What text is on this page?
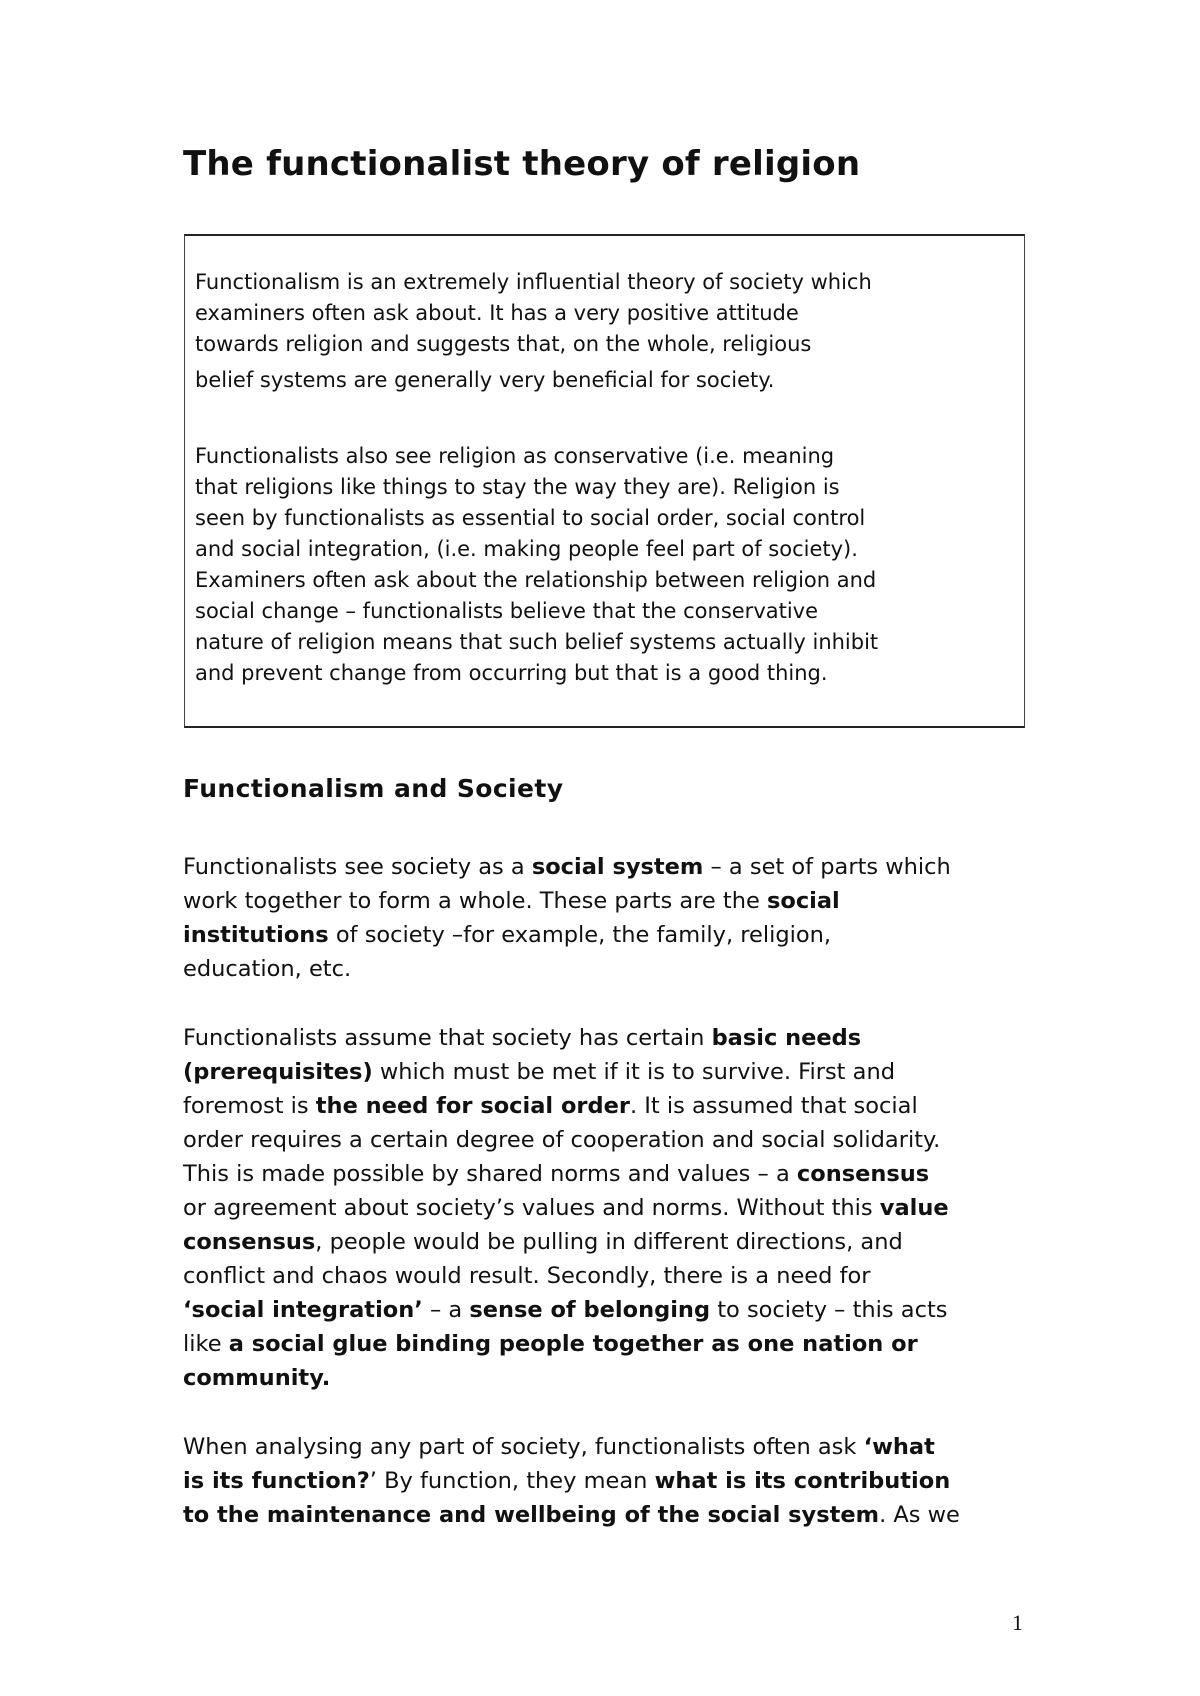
The functionalist theory of religion

Functionalism is an extremely influential theory of society which
examiners often ask about. It has a very positive attitude
towards religion and suggests that, on the whole, religious
belief systems are generally very beneficial for society.

Functionalists also see religion as conservative (i.e. meaning
that religions like things to stay the way they are). Religion is
seen by functionalists as essential to social order, social control
and social integration, (i.e. making people feel part of society).
Examiners often ask about the relationship between religion and
social change – functionalists believe that the conservative
nature of religion means that such belief systems actually inhibit
and prevent change from occurring but that is a good thing.

Functionalism and Society

Functionalists see society as a social system – a set of parts which
work together to form a whole. These parts are the social
institutions of society –for example, the family, religion,
education, etc.

Functionalists assume that society has certain basic needs
(prerequisites) which must be met if it is to survive. First and
foremost is the need for social order. It is assumed that social
order requires a certain degree of cooperation and social solidarity.
This is made possible by shared norms and values – a consensus
or agreement about society’s values and norms. Without this value
consensus, people would be pulling in different directions, and
conflict and chaos would result. Secondly, there is a need for
‘social integration’ – a sense of belonging to society – this acts
like a social glue binding people together as one nation or
community.

When analysing any part of society, functionalists often ask ‘what
is its function?’ By function, they mean what is its contribution
to the maintenance and wellbeing of the social system. As we

1
